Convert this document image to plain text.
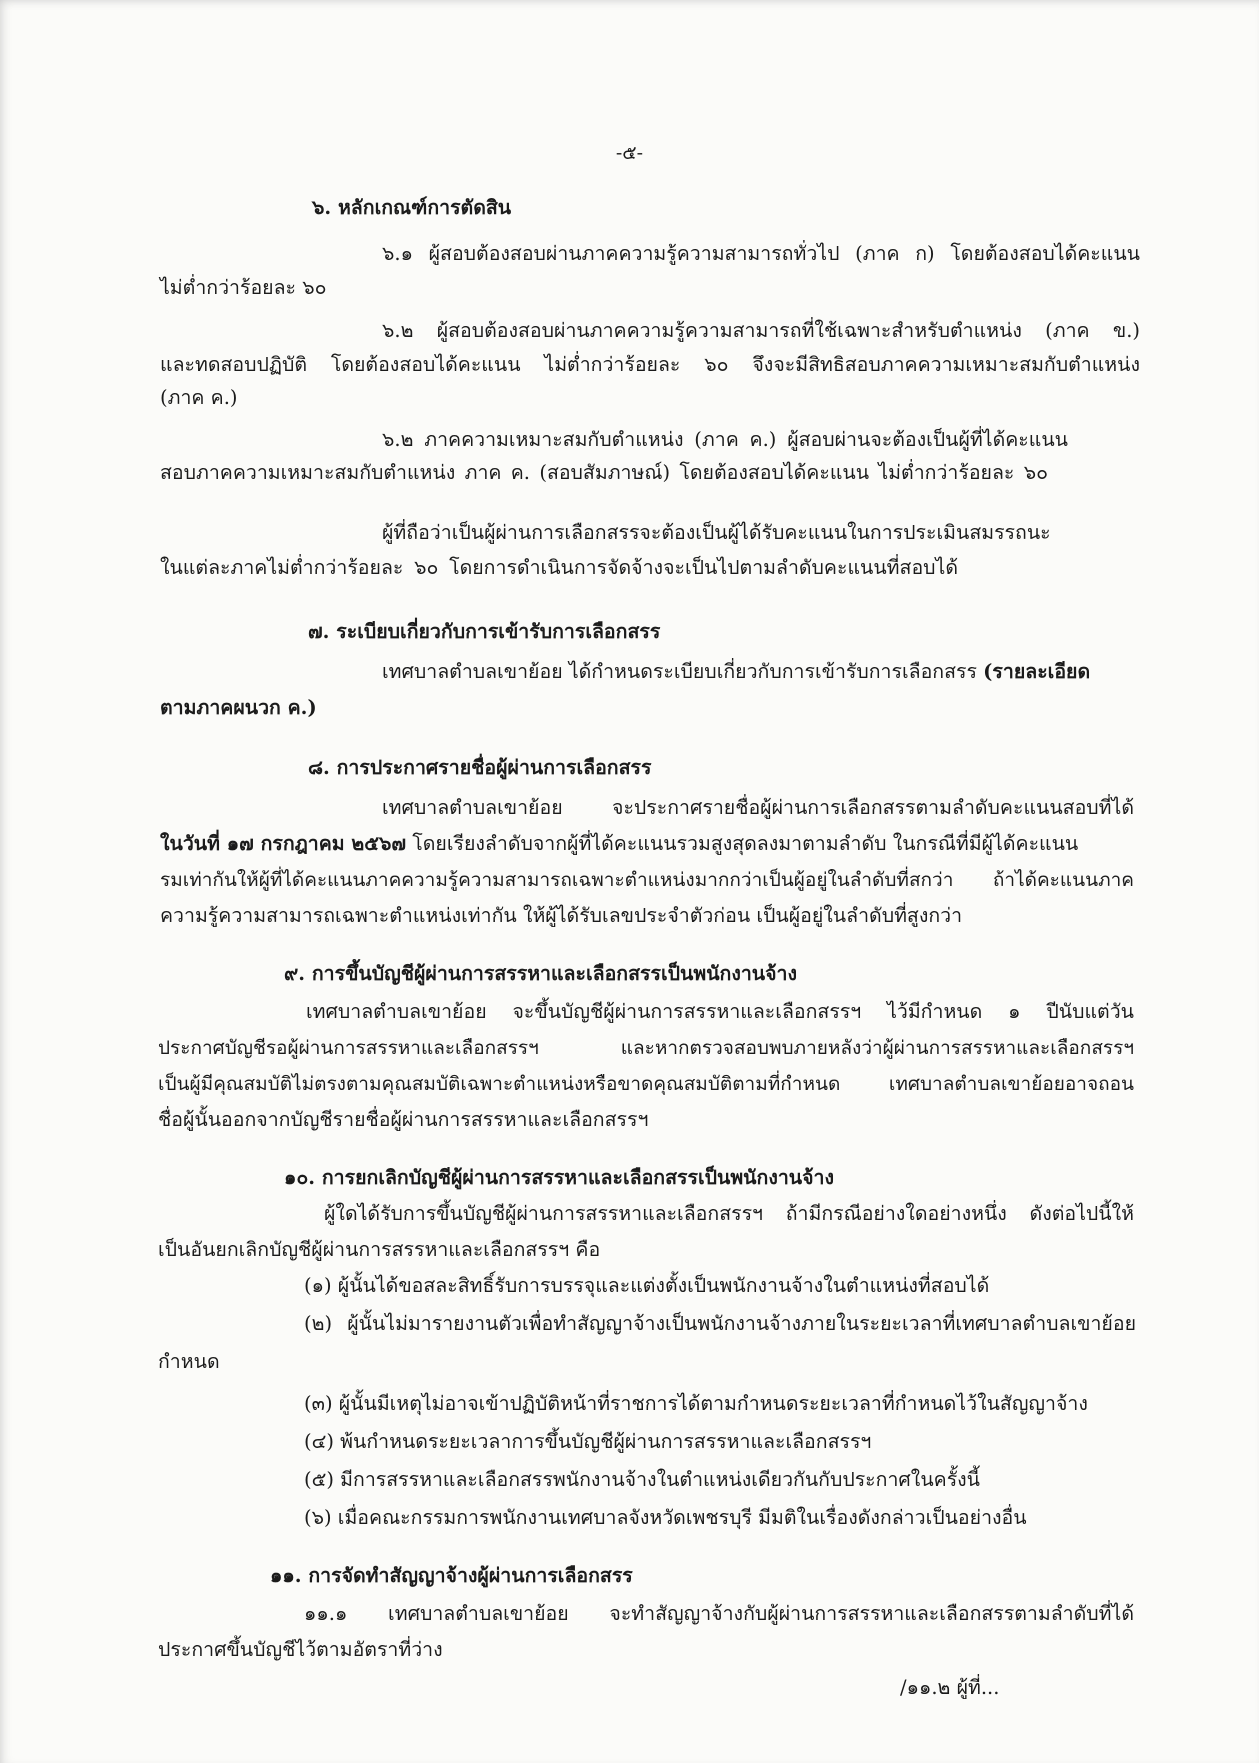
-๕-

๖. หลักเกณฑ์การตัดสิน

๖.๑ ผู้สอบต้องสอบผ่านภาคความรู้ความสามารถทั่วไป (ภาค ก) โดยต้องสอบได้คะแนน

ไม่ต่ำกว่าร้อยละ ๖๐

๖.๒ ผู้สอบต้องสอบผ่านภาคความรู้ความสามารถที่ใช้เฉพาะสำหรับตำแหน่ง (ภาค ข.)

และทดสอบปฏิบัติ โดยต้องสอบได้คะแนน ไม่ต่ำกว่าร้อยละ ๖๐ จึงจะมีสิทธิสอบภาคความเหมาะสมกับตำแหน่ง

(ภาค ค.)

๖.๒ ภาคความเหมาะสมกับตำแหน่ง (ภาค ค.) ผู้สอบผ่านจะต้องเป็นผู้ที่ได้คะแนน

สอบภาคความเหมาะสมกับตำแหน่ง ภาค ค. (สอบสัมภาษณ์) โดยต้องสอบได้คะแนน ไม่ต่ำกว่าร้อยละ ๖๐

ผู้ที่ถือว่าเป็นผู้ผ่านการเลือกสรรจะต้องเป็นผู้ได้รับคะแนนในการประเมินสมรรถนะ

ในแต่ละภาคไม่ต่ำกว่าร้อยละ ๖๐ โดยการดำเนินการจัดจ้างจะเป็นไปตามลำดับคะแนนที่สอบได้

๗. ระเบียบเกี่ยวกับการเข้ารับการเลือกสรร

เทศบาลตำบลเขาย้อย ได้กำหนดระเบียบเกี่ยวกับการเข้ารับการเลือกสรร (รายละเอียด

ตามภาคผนวก ค.)

๘. การประกาศรายชื่อผู้ผ่านการเลือกสรร

เทศบาลตำบลเขาย้อย จะประกาศรายชื่อผู้ผ่านการเลือกสรรตามลำดับคะแนนสอบที่ได้

ในวันที่ ๑๗ กรกฎาคม ๒๕๖๗ โดยเรียงลำดับจากผู้ที่ได้คะแนนรวมสูงสุดลงมาตามลำดับ ในกรณีที่มีผู้ได้คะแนน

รมเท่ากันให้ผู้ที่ได้คะแนนภาคความรู้ความสามารถเฉพาะตำแหน่งมากกว่าเป็นผู้อยู่ในลำดับที่สกว่า ถ้าได้คะแนนภาค

ความรู้ความสามารถเฉพาะตำแหน่งเท่ากัน ให้ผู้ได้รับเลขประจำตัวก่อน เป็นผู้อยู่ในลำดับที่สูงกว่า

๙. การขึ้นบัญชีผู้ผ่านการสรรหาและเลือกสรรเป็นพนักงานจ้าง

เทศบาลตำบลเขาย้อย จะขึ้นบัญชีผู้ผ่านการสรรหาและเลือกสรรฯ ไว้มีกำหนด ๑ ปีนับแต่วัน

ประกาศบัญชีรอผู้ผ่านการสรรหาและเลือกสรรฯ และหากตรวจสอบพบภายหลังว่าผู้ผ่านการสรรหาและเลือกสรรฯ

เป็นผู้มีคุณสมบัติไม่ตรงตามคุณสมบัติเฉพาะตำแหน่งหรือขาดคุณสมบัติตามที่กำหนด เทศบาลตำบลเขาย้อยอาจถอน

ชื่อผู้นั้นออกจากบัญชีรายชื่อผู้ผ่านการสรรหาและเลือกสรรฯ

๑๐. การยกเลิกบัญชีผู้ผ่านการสรรหาและเลือกสรรเป็นพนักงานจ้าง

ผู้ใดได้รับการขึ้นบัญชีผู้ผ่านการสรรหาและเลือกสรรฯ ถ้ามีกรณีอย่างใดอย่างหนึ่ง ดังต่อไปนี้ให้

เป็นอันยกเลิกบัญชีผู้ผ่านการสรรหาและเลือกสรรฯ คือ

(๑) ผู้นั้นได้ขอสละสิทธิ์รับการบรรจุและแต่งตั้งเป็นพนักงานจ้างในตำแหน่งที่สอบได้

(๒) ผู้นั้นไม่มารายงานตัวเพื่อทำสัญญาจ้างเป็นพนักงานจ้างภายในระยะเวลาที่เทศบาลตำบลเขาย้อย

กำหนด

(๓) ผู้นั้นมีเหตุไม่อาจเข้าปฏิบัติหน้าที่ราชการได้ตามกำหนดระยะเวลาที่กำหนดไว้ในสัญญาจ้าง

(๔) พ้นกำหนดระยะเวลาการขึ้นบัญชีผู้ผ่านการสรรหาและเลือกสรรฯ

(๕) มีการสรรหาและเลือกสรรพนักงานจ้างในตำแหน่งเดียวกันกับประกาศในครั้งนี้

(๖) เมื่อคณะกรรมการพนักงานเทศบาลจังหวัดเพชรบุรี มีมติในเรื่องดังกล่าวเป็นอย่างอื่น

๑๑. การจัดทำสัญญาจ้างผู้ผ่านการเลือกสรร

๑๑.๑ เทศบาลตำบลเขาย้อย จะทำสัญญาจ้างกับผู้ผ่านการสรรหาและเลือกสรรตามลำดับที่ได้

ประกาศขึ้นบัญชีไว้ตามอัตราที่ว่าง

/๑๑.๒ ผู้ที่...
